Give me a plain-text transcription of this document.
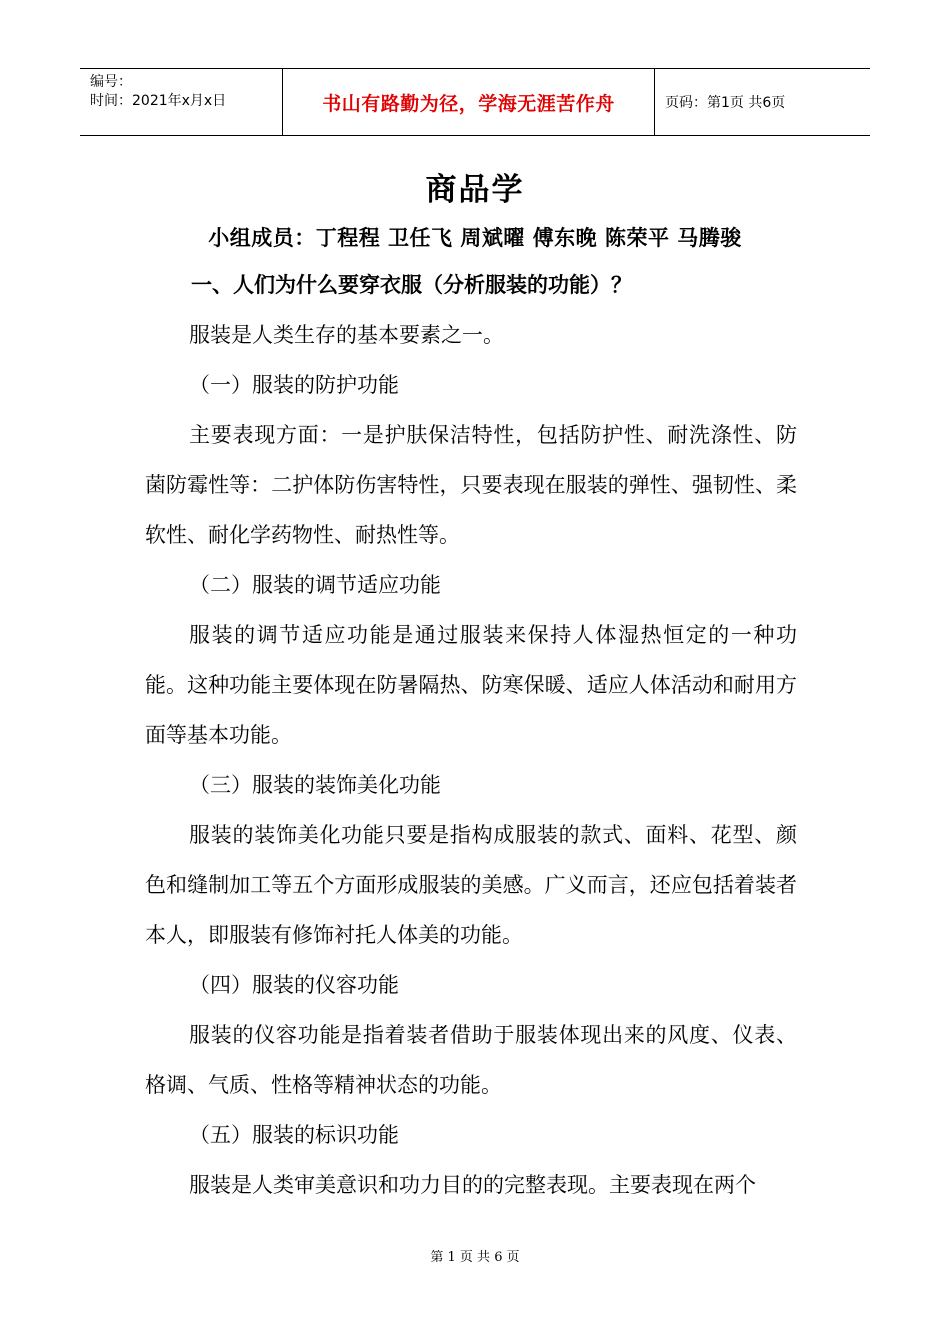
编号：
时间：2021年x月x日	书山有路勤为径，学海无涯苦作舟	页码：第1页 共6页
商品学
小组成员：丁程程 卫任飞 周斌曜 傅东晚 陈荣平 马腾骏

一、人们为什么要穿衣服（分析服装的功能）？

服装是人类生存的基本要素之一。

（一）服装的防护功能

主要表现方面：一是护肤保洁特性，包括防护性、耐洗涤性、防菌防霉性等：二护体防伤害特性，只要表现在服装的弹性、强韧性、柔软性、耐化学药物性、耐热性等。

（二）服装的调节适应功能

服装的调节适应功能是通过服装来保持人体湿热恒定的一种功能。这种功能主要体现在防暑隔热、防寒保暖、适应人体活动和耐用方面等基本功能。

（三）服装的装饰美化功能

服装的装饰美化功能只要是指构成服装的款式、面料、花型、颜色和缝制加工等五个方面形成服装的美感。广义而言，还应包括着装者本人，即服装有修饰衬托人体美的功能。

（四）服装的仪容功能

服装的仪容功能是指着装者借助于服装体现出来的风度、仪表、格调、气质、性格等精神状态的功能。

（五）服装的标识功能

服装是人类审美意识和功力目的的完整表现。主要表现在两个

第 1 页 共 6 页
